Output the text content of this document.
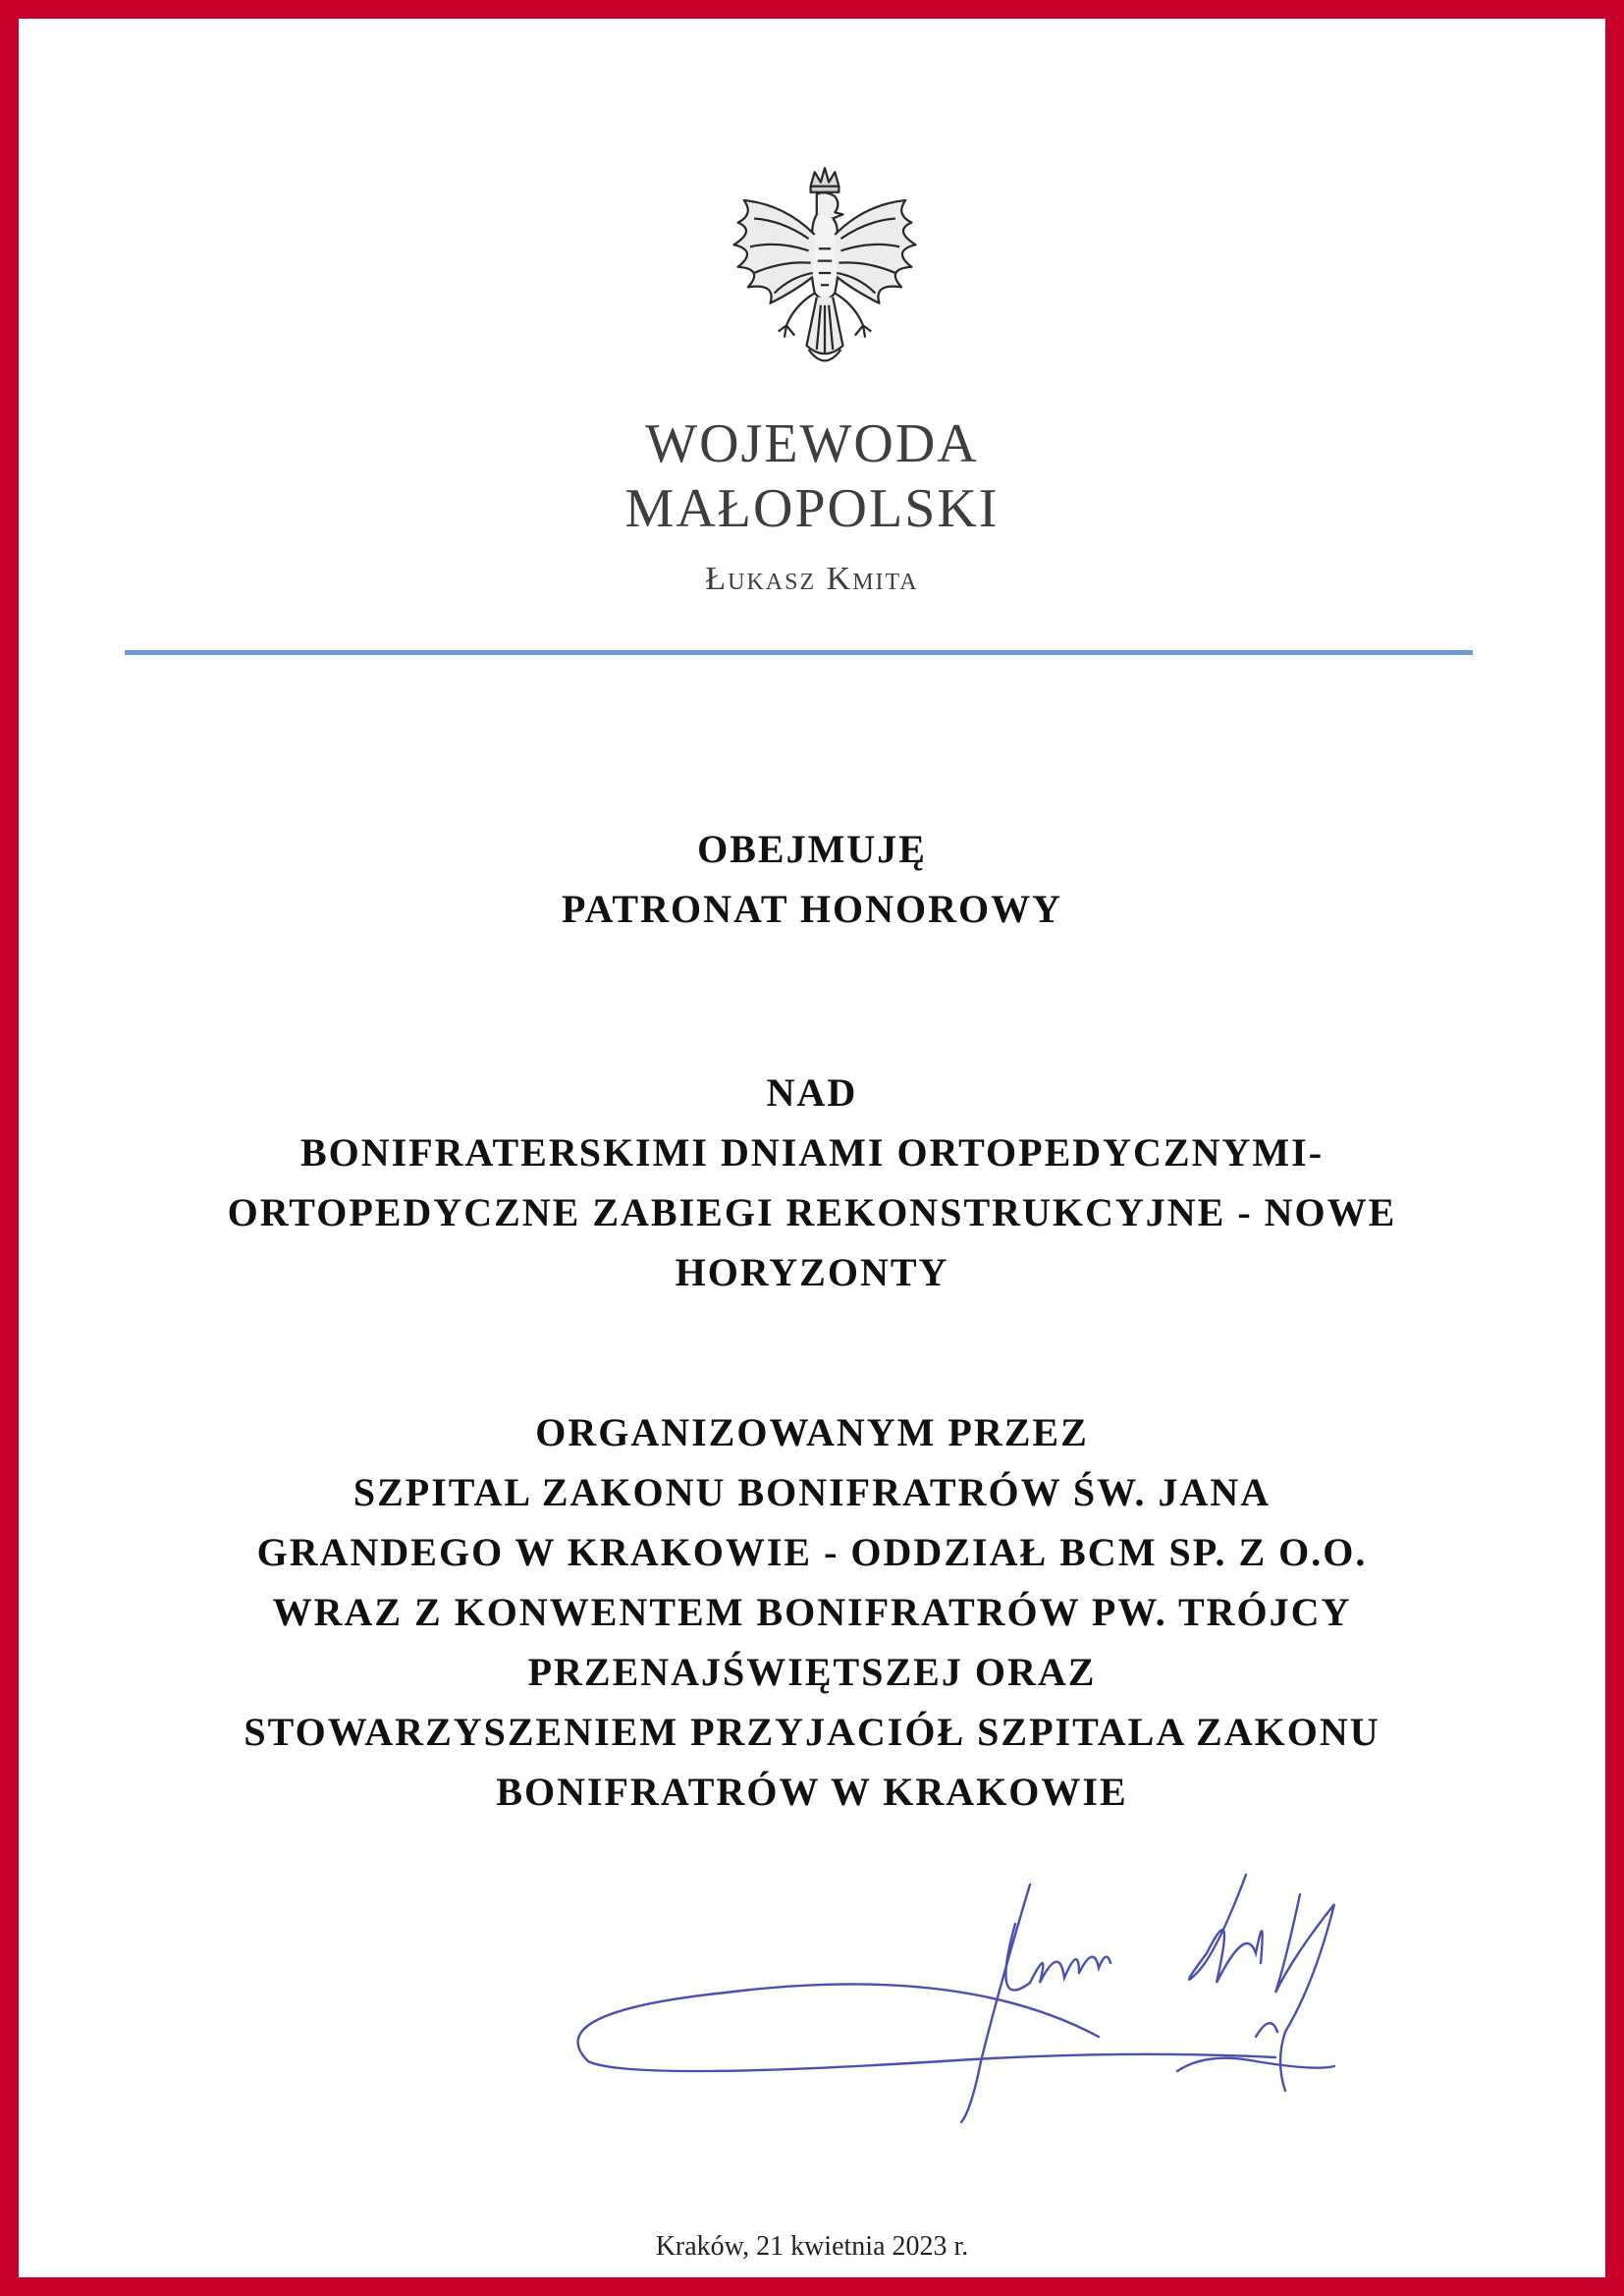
WOJEWODA
MAŁOPOLSKI
Łukasz Kmita
OBEJMUJĘ
PATRONAT HONOROWY
NAD
BONIFRATERSKIMI DNIAMI ORTOPEDYCZNYMI-
ORTOPEDYCZNE ZABIEGI REKONSTRUKCYJNE - NOWE
HORYZONTY
ORGANIZOWANYM PRZEZ
SZPITAL ZAKONU BONIFRATRÓW ŚW. JANA
GRANDEGO W KRAKOWIE - ODDZIAŁ BCM SP. Z O.O.
WRAZ Z KONWENTEM BONIFRATRÓW PW. TRÓJCY
PRZENAJŚWIĘTSZEJ ORAZ
STOWARZYSZENIEM PRZYJACIÓŁ SZPITALA ZAKONU
BONIFRATRÓW W KRAKOWIE
Kraków, 21 kwietnia 2023 r.
